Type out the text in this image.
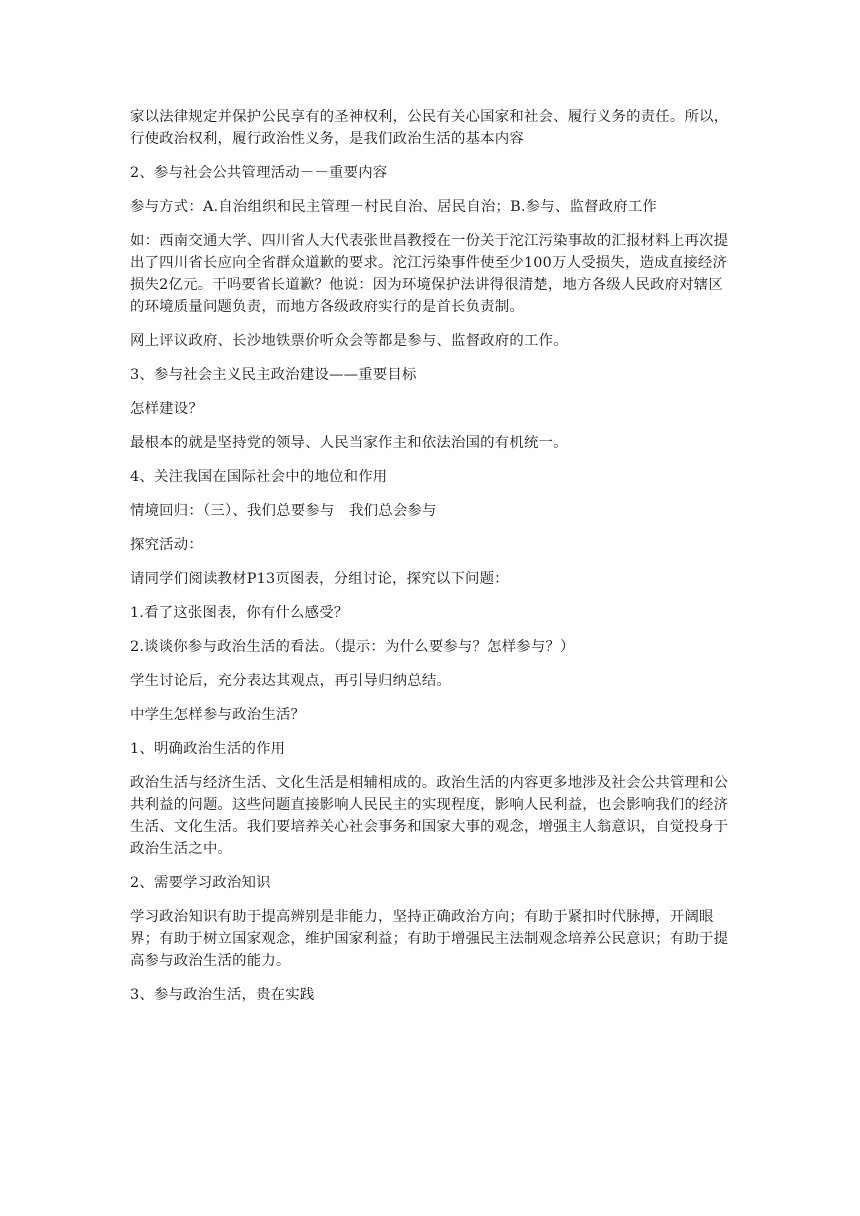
家以法律规定并保护公民享有的圣神权利，公民有关心国家和社会、履行义务的责任。所以，行使政治权利，履行政治性义务，是我们政治生活的基本内容

2、参与社会公共管理活动－－重要内容

参与方式：A.自治组织和民主管理－村民自治、居民自治；B.参与、监督政府工作

如：西南交通大学、四川省人大代表张世昌教授在一份关于沱江污染事故的汇报材料上再次提出了四川省长应向全省群众道歉的要求。沱江污染事件使至少100万人受损失，造成直接经济损失2亿元。干吗要省长道歉？他说：因为环境保护法讲得很清楚，地方各级人民政府对辖区的环境质量问题负责，而地方各级政府实行的是首长负责制。

网上评议政府、长沙地铁票价听众会等都是参与、监督政府的工作。

3、参与社会主义民主政治建设——重要目标

怎样建设？

最根本的就是坚持党的领导、人民当家作主和依法治国的有机统一。

4、关注我国在国际社会中的地位和作用

情境回归：（三）、我们总要参与　我们总会参与

探究活动：

请同学们阅读教材P13页图表，分组讨论，探究以下问题：

1.看了这张图表，你有什么感受？

2.谈谈你参与政治生活的看法。（提示：为什么要参与？怎样参与？）

学生讨论后，充分表达其观点，再引导归纳总结。

中学生怎样参与政治生活？

1、明确政治生活的作用

政治生活与经济生活、文化生活是相辅相成的。政治生活的内容更多地涉及社会公共管理和公共利益的问题。这些问题直接影响人民民主的实现程度，影响人民利益，也会影响我们的经济生活、文化生活。我们要培养关心社会事务和国家大事的观念，增强主人翁意识，自觉投身于政治生活之中。

2、需要学习政治知识

学习政治知识有助于提高辨别是非能力，坚持正确政治方向；有助于紧扣时代脉搏，开阔眼界；有助于树立国家观念，维护国家利益；有助于增强民主法制观念培养公民意识；有助于提高参与政治生活的能力。

3、参与政治生活，贵在实践
